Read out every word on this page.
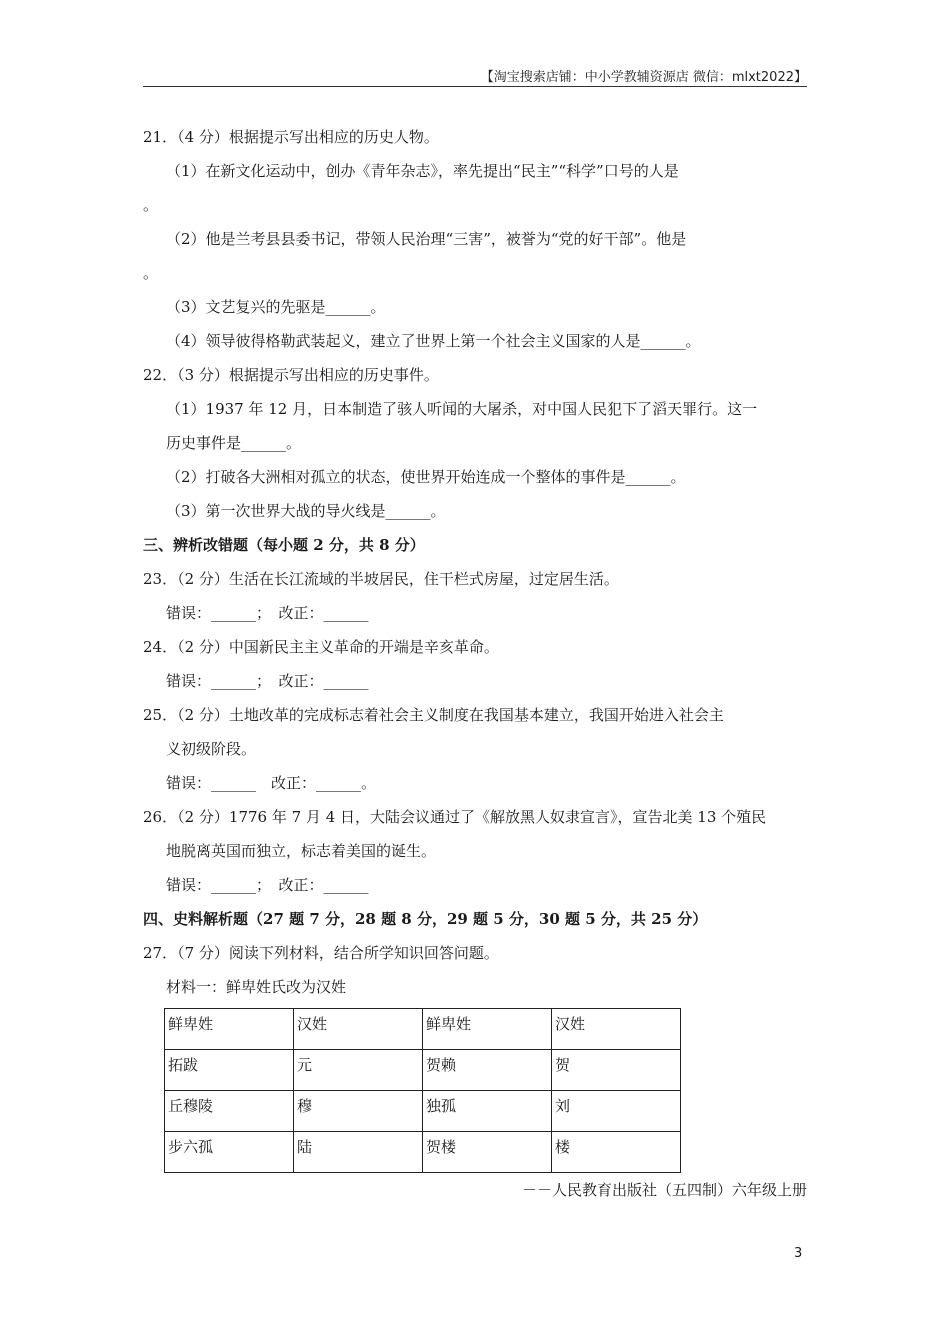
【淘宝搜索店铺：中小学教辅资源店 微信：mlxt2022】
21．（4 分）根据提示写出相应的历史人物。
（1）在新文化运动中，创办《青年杂志》，率先提出“民主”“科学”口号的人是
。
（2）他是兰考县县委书记，带领人民治理“三害”，被誉为“党的好干部”。他是
。
（3）文艺复兴的先驱是______。
（4）领导彼得格勒武装起义，建立了世界上第一个社会主义国家的人是______。
22．（3 分）根据提示写出相应的历史事件。
（1）1937 年 12 月，日本制造了骇人听闻的大屠杀，对中国人民犯下了滔天罪行。这一
历史事件是______。
（2）打破各大洲相对孤立的状态，使世界开始连成一个整体的事件是______。
（3）第一次世界大战的导火线是______。
三、辨析改错题（每小题 2 分，共 8 分）
23．（2 分）生活在长江流域的半坡居民，住干栏式房屋，过定居生活。
错误：______；　改正：______
24．（2 分）中国新民主主义革命的开端是辛亥革命。
错误：______；　改正：______
25．（2 分）土地改革的完成标志着社会主义制度在我国基本建立，我国开始进入社会主
义初级阶段。
错误：______　改正：______。
26．（2 分）1776 年 7 月 4 日，大陆会议通过了《解放黑人奴隶宣言》，宣告北美 13 个殖民
地脱离英国而独立，标志着美国的诞生。
错误：______；　改正：______
四、史料解析题（27 题 7 分，28 题 8 分，29 题 5 分，30 题 5 分，共 25 分）
27．（7 分）阅读下列材料，结合所学知识回答问题。
材料一：鲜卑姓氏改为汉姓
鲜卑姓	汉姓	鲜卑姓	汉姓
拓跋	元	贺赖	贺
丘穆陵	穆	独孤	刘
步六孤	陆	贺楼	楼
－－人民教育出版社（五四制）六年级上册
3
